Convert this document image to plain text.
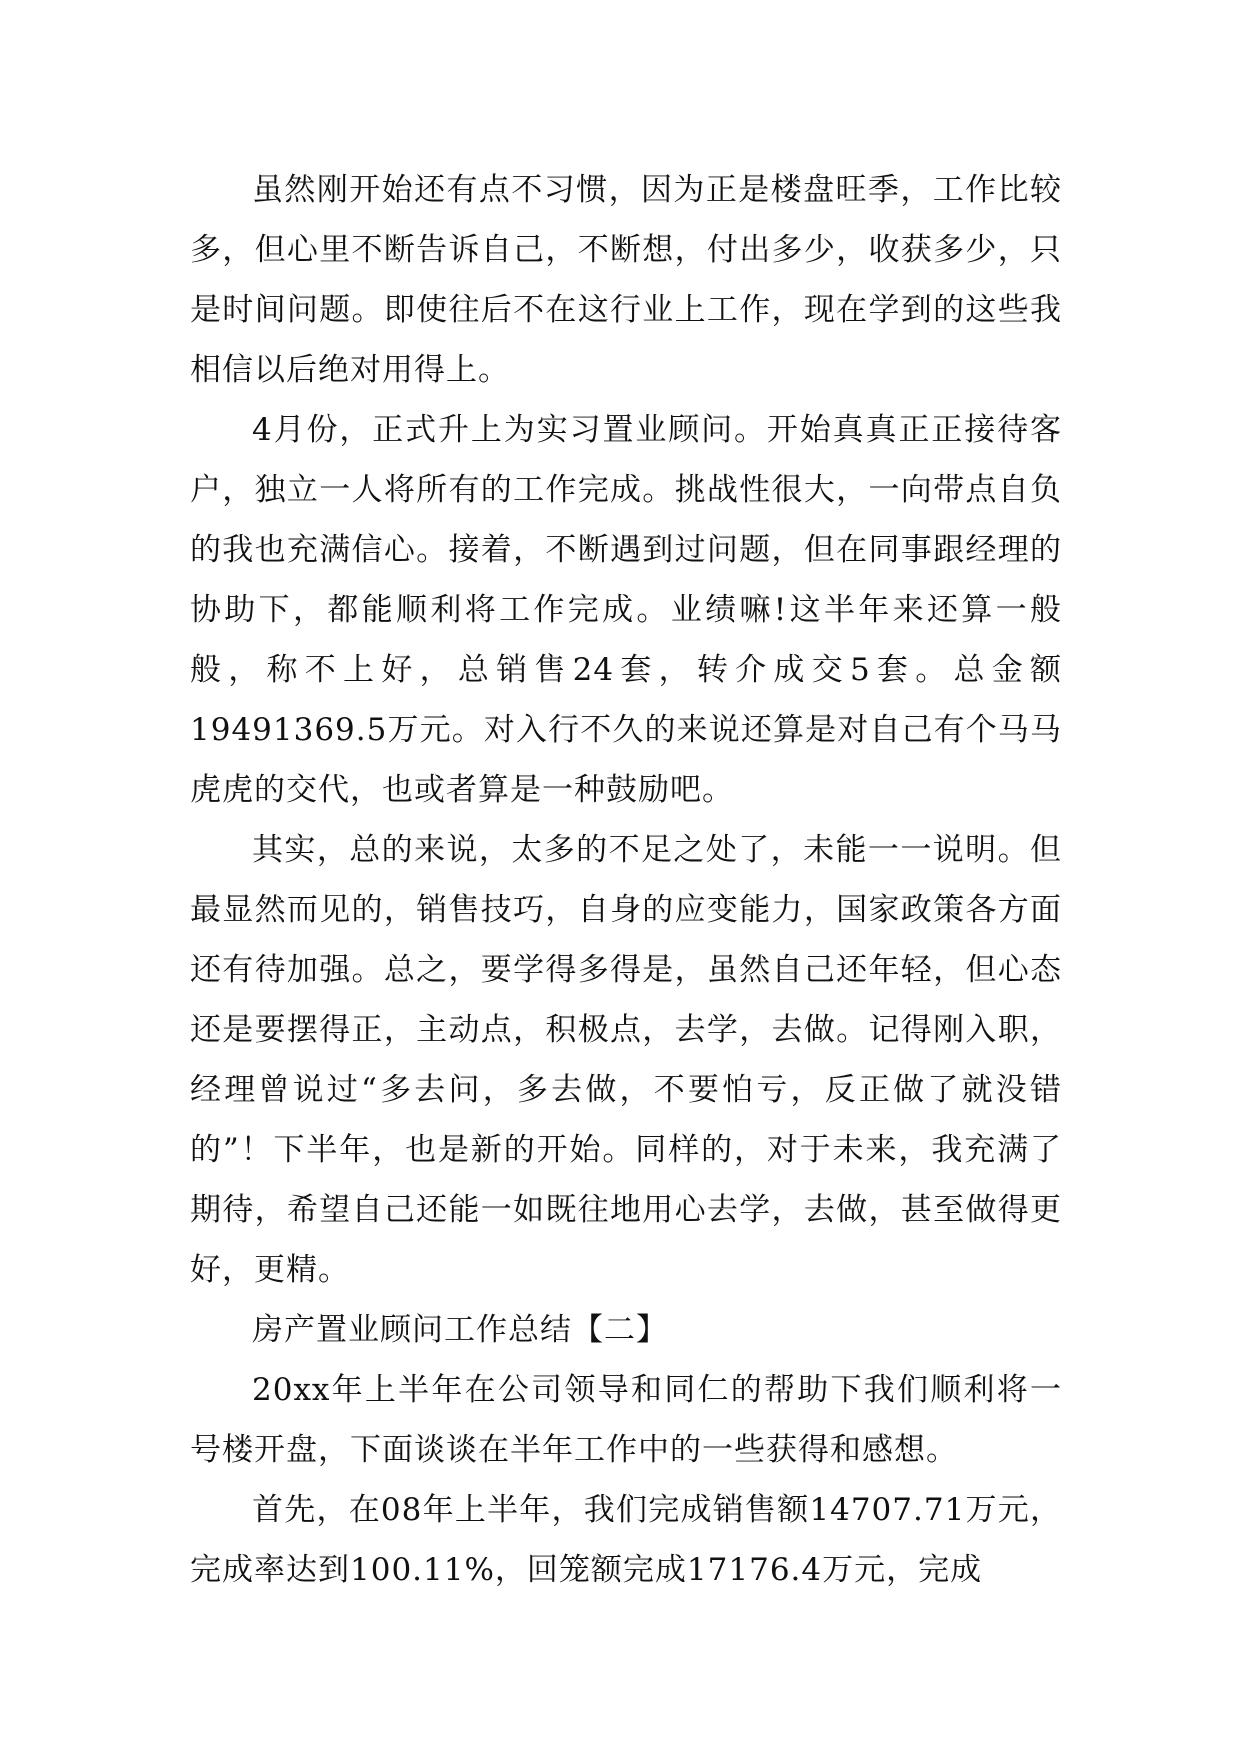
虽然刚开始还有点不习惯，因为正是楼盘旺季，工作比较多，但心里不断告诉自己，不断想，付出多少，收获多少，只是时间问题。即使往后不在这行业上工作，现在学到的这些我相信以后绝对用得上。

4月份，正式升上为实习置业顾问。开始真真正正接待客户，独立一人将所有的工作完成。挑战性很大，一向带点自负的我也充满信心。接着，不断遇到过问题，但在同事跟经理的协助下，都能顺利将工作完成。业绩嘛!这半年来还算一般般，称不上好，总销售24套，转介成交5套。总金额19491369.5万元。对入行不久的来说还算是对自己有个马马虎虎的交代，也或者算是一种鼓励吧。

其实，总的来说，太多的不足之处了，未能一一说明。但最显然而见的，销售技巧，自身的应变能力，国家政策各方面还有待加强。总之，要学得多得是，虽然自己还年轻，但心态还是要摆得正，主动点，积极点，去学，去做。记得刚入职，经理曾说过“多去问，多去做，不要怕亏，反正做了就没错的”！下半年，也是新的开始。同样的，对于未来，我充满了期待，希望自己还能一如既往地用心去学，去做，甚至做得更好，更精。

房产置业顾问工作总结【二】

20xx年上半年在公司领导和同仁的帮助下我们顺利将一号楼开盘，下面谈谈在半年工作中的一些获得和感想。

首先，在08年上半年，我们完成销售额14707.71万元，完成率达到100.11%，回笼额完成17176.4万元，完成
